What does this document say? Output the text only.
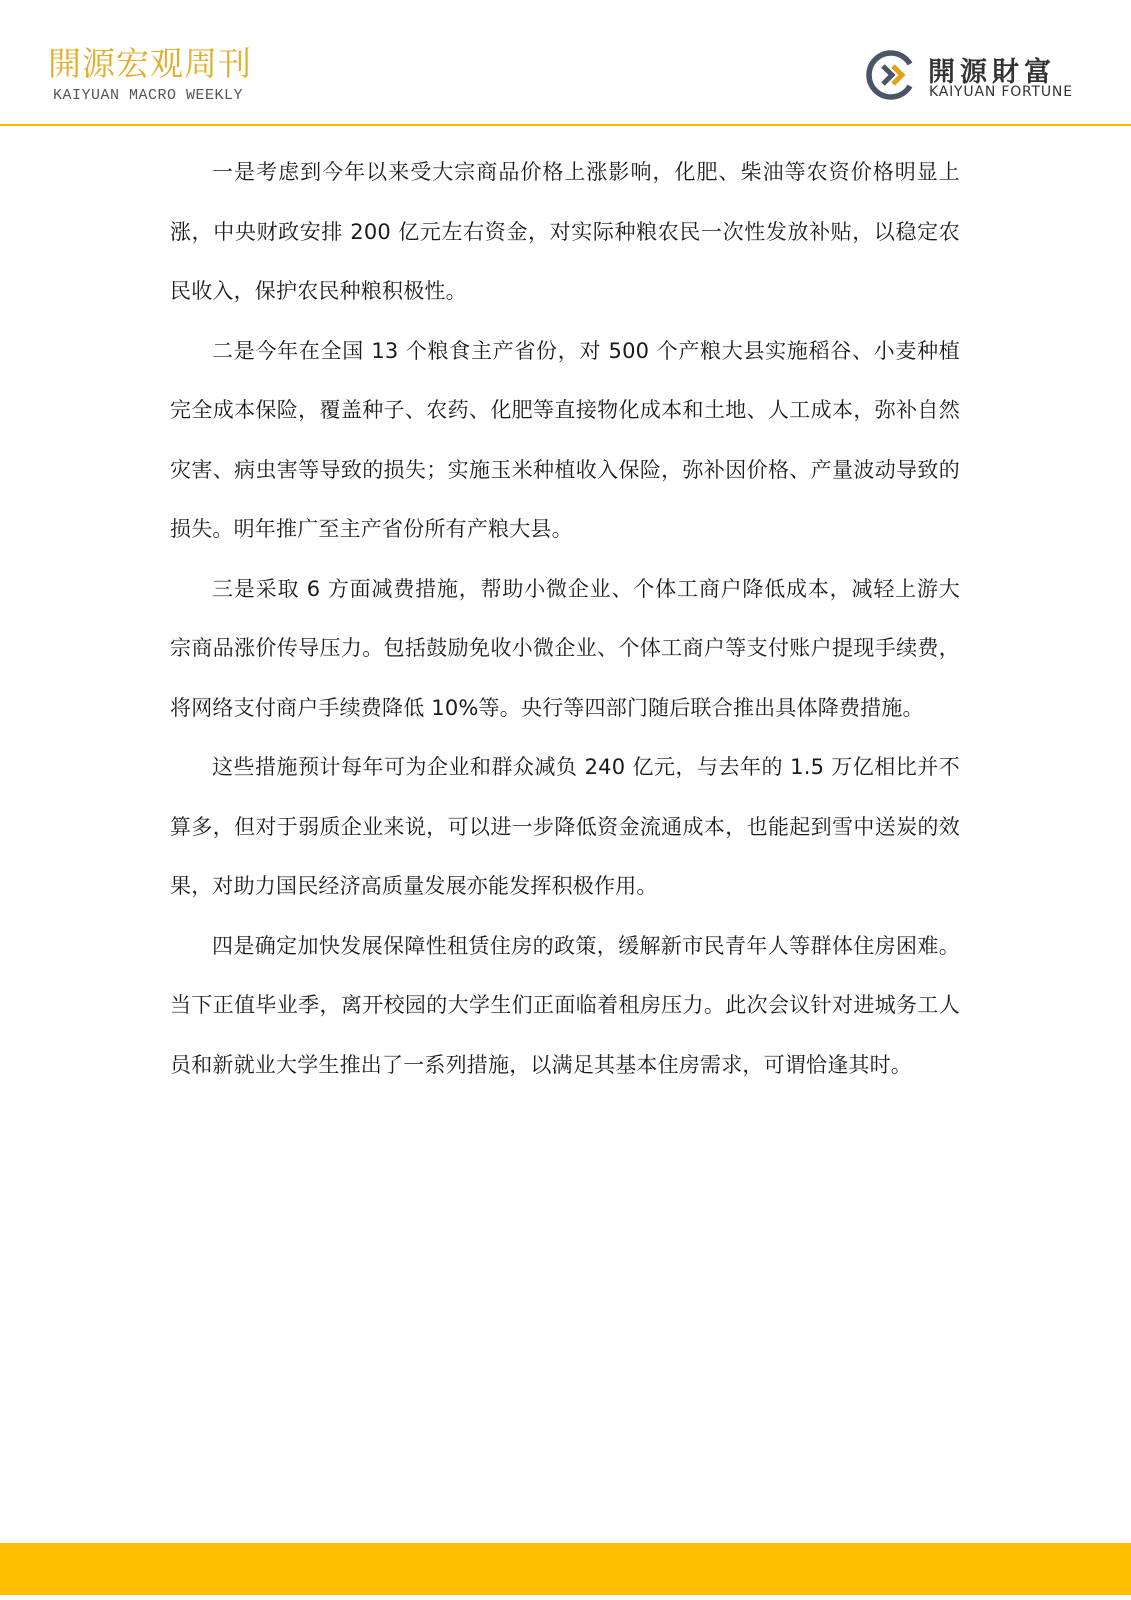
開源宏观周刊
KAIYUAN MACRO WEEKLY
開源財富
KAIYUAN FORTUNE

一是考虑到今年以来受大宗商品价格上涨影响，化肥、柴油等农资价格明显上涨，中央财政安排 200 亿元左右资金，对实际种粮农民一次性发放补贴，以稳定农民收入，保护农民种粮积极性。

二是今年在全国 13 个粮食主产省份，对 500 个产粮大县实施稻谷、小麦种植完全成本保险，覆盖种子、农药、化肥等直接物化成本和土地、人工成本，弥补自然灾害、病虫害等导致的损失；实施玉米种植收入保险，弥补因价格、产量波动导致的损失。明年推广至主产省份所有产粮大县。

三是采取 6 方面减费措施，帮助小微企业、个体工商户降低成本，减轻上游大宗商品涨价传导压力。包括鼓励免收小微企业、个体工商户等支付账户提现手续费，将网络支付商户手续费降低 10%等。央行等四部门随后联合推出具体降费措施。

这些措施预计每年可为企业和群众减负 240 亿元，与去年的 1.5 万亿相比并不算多，但对于弱质企业来说，可以进一步降低资金流通成本，也能起到雪中送炭的效果，对助力国民经济高质量发展亦能发挥积极作用。

四是确定加快发展保障性租赁住房的政策，缓解新市民青年人等群体住房困难。当下正值毕业季，离开校园的大学生们正面临着租房压力。此次会议针对进城务工人员和新就业大学生推出了一系列措施，以满足其基本住房需求，可谓恰逢其时。
